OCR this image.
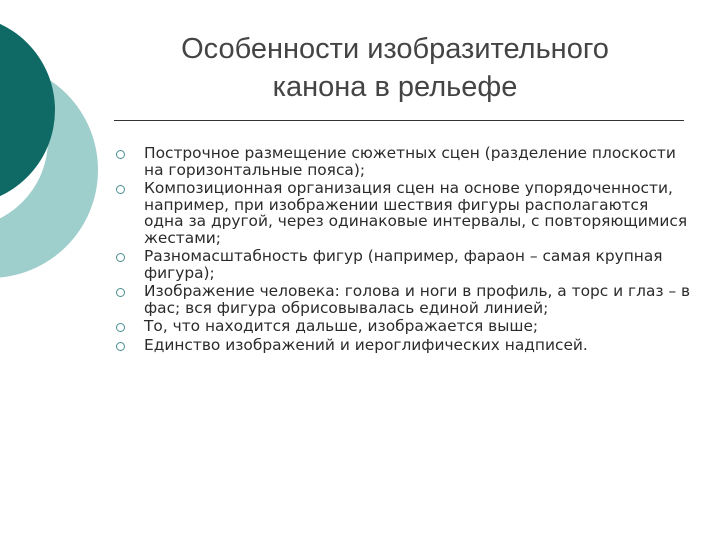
Особенности изобразительного
канона в рельефе
Построчное размещение сюжетных сцен (разделение плоскости на горизонтальные пояса);
Композиционная организация сцен на основе упорядоченности, например, при изображении шествия фигуры располагаются одна за другой, через одинаковые интервалы, с повторяющимися жестами;
Разномасштабность фигур (например, фараон – самая крупная фигура);
Изображение человека: голова и ноги в профиль, а торс и глаз – в фас; вся фигура обрисовывалась единой линией;
То, что находится дальше, изображается выше;
Единство изображений и иероглифических надписей.
